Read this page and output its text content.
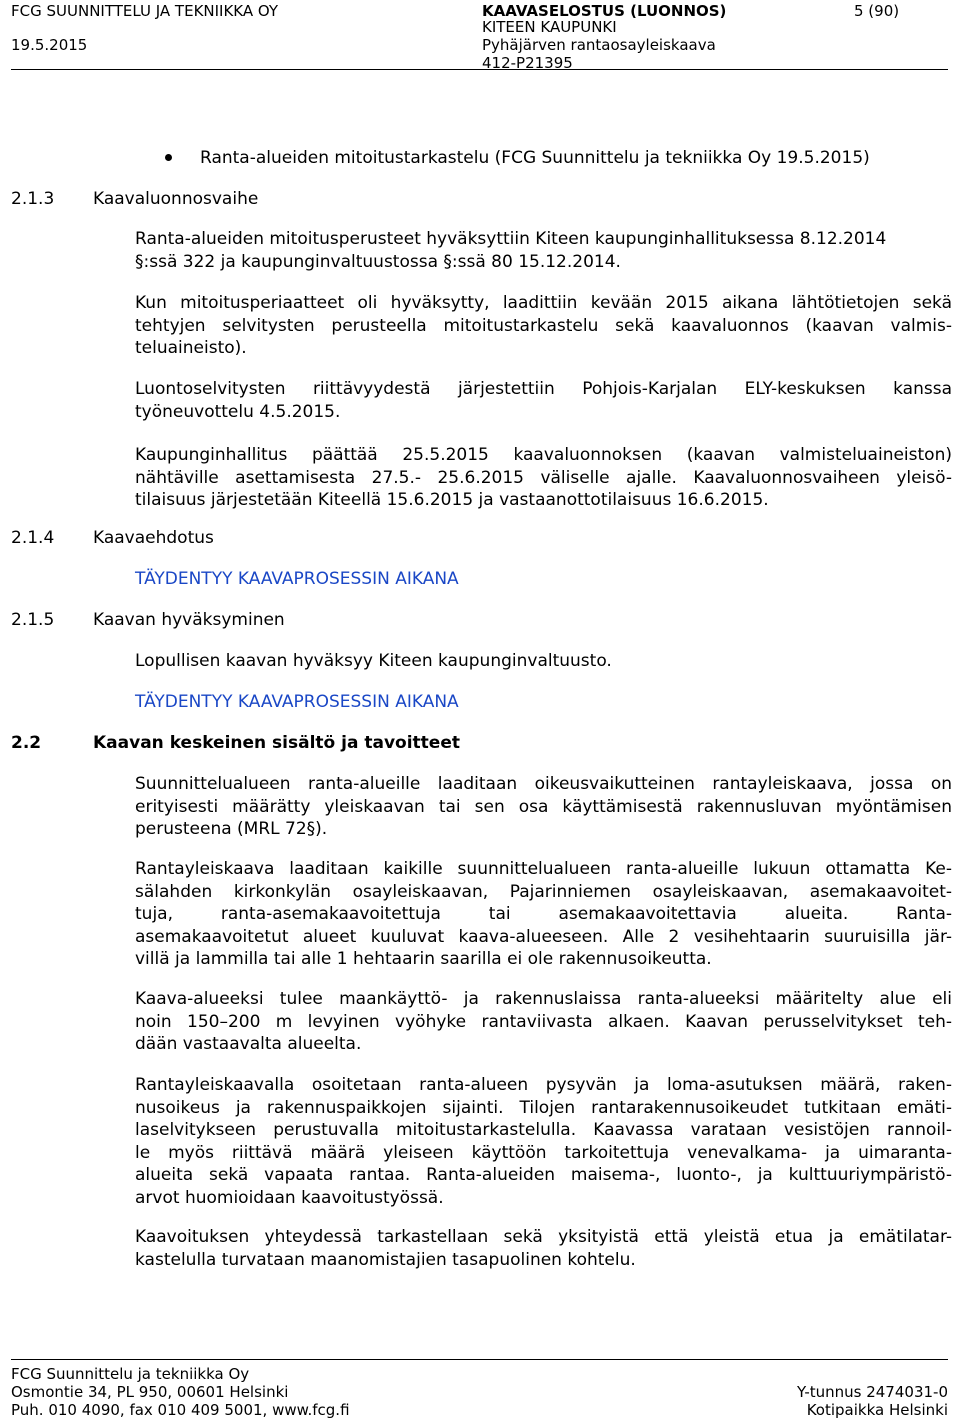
FCG SUUNNITTELU JA TEKNIIKKA OY
19.5.2015
KAAVASELOSTUS (LUONNOS)	5 (90)
KITEEN KAUPUNKI
Pyhäjärven rantaosayleiskaava
412-P21395
Ranta-alueiden mitoitustarkastelu (FCG Suunnittelu ja tekniikka Oy 19.5.2015)
2.1.3 Kaavaluonnosvaihe
Ranta-alueiden mitoitusperusteet hyväksyttiin Kiteen kaupunginhallituksessa 8.12.2014
§:ssä 322 ja kaupunginvaltuustossa §:ssä 80 15.12.2014.
Kun mitoitusperiaatteet oli hyväksytty, laadittiin kevään 2015 aikana lähtötietojen sekä
tehtyjen selvitysten perusteella mitoitustarkastelu sekä kaavaluonnos (kaavan valmis-
teluaineisto).
Luontoselvitysten riittävyydestä järjestettiin Pohjois-Karjalan ELY-keskuksen kanssa
työneuvottelu 4.5.2015.
Kaupunginhallitus päättää 25.5.2015 kaavaluonnoksen (kaavan valmisteluaineiston)
nähtäville asettamisesta 27.5.- 25.6.2015 väliselle ajalle. Kaavaluonnosvaiheen yleisö-
tilaisuus järjestetään Kiteellä 15.6.2015 ja vastaanottotilaisuus 16.6.2015.
2.1.4 Kaavaehdotus
TÄYDENTYY KAAVAPROSESSIN AIKANA
2.1.5 Kaavan hyväksyminen
Lopullisen kaavan hyväksyy Kiteen kaupunginvaltuusto.
TÄYDENTYY KAAVAPROSESSIN AIKANA
2.2	Kaavan keskeinen sisältö ja tavoitteet
Suunnittelualueen ranta-alueille laaditaan oikeusvaikutteinen rantayleiskaava, jossa on
erityisesti määrätty yleiskaavan tai sen osa käyttämisestä rakennusluvan myöntämisen
perusteena (MRL 72§).
Rantayleiskaava laaditaan kaikille suunnittelualueen ranta-alueille lukuun ottamatta Ke-
sälahden kirkonkylän osayleiskaavan, Pajarinniemen osayleiskaavan, asemakaavoitet-
tuja, ranta-asemakaavoitettuja tai asemakaavoitettavia alueita. Ranta-
asemakaavoitetut alueet kuuluvat kaava-alueeseen. Alle 2 vesihehtaarin suuruisilla jär-
villä ja lammilla tai alle 1 hehtaarin saarilla ei ole rakennusoikeutta.
Kaava-alueeksi tulee maankäyttö- ja rakennuslaissa ranta-alueeksi määritelty alue eli
noin 150–200 m levyinen vyöhyke rantaviivasta alkaen. Kaavan perusselvitykset teh-
dään vastaavalta alueelta.
Rantayleiskaavalla osoitetaan ranta-alueen pysyvän ja loma-asutuksen määrä, raken-
nusoikeus ja rakennuspaikkojen sijainti. Tilojen rantarakennusoikeudet tutkitaan emäti-
laselvitykseen perustuvalla mitoitustarkastelulla. Kaavassa varataan vesistöjen rannoil-
le myös riittävä määrä yleiseen käyttöön tarkoitettuja venevalkama- ja uimaranta-
alueita sekä vapaata rantaa. Ranta-alueiden maisema-, luonto-, ja kulttuuriympäristö-
arvot huomioidaan kaavoitustyössä.
Kaavoituksen yhteydessä tarkastellaan sekä yksityistä että yleistä etua ja emätilatar-
kastelulla turvataan maanomistajien tasapuolinen kohtelu.
FCG Suunnittelu ja tekniikka Oy
Osmontie 34, PL 950, 00601 Helsinki
Puh. 010 4090, fax 010 409 5001, www.fcg.fi
Y-tunnus 2474031-0
Kotipaikka Helsinki
